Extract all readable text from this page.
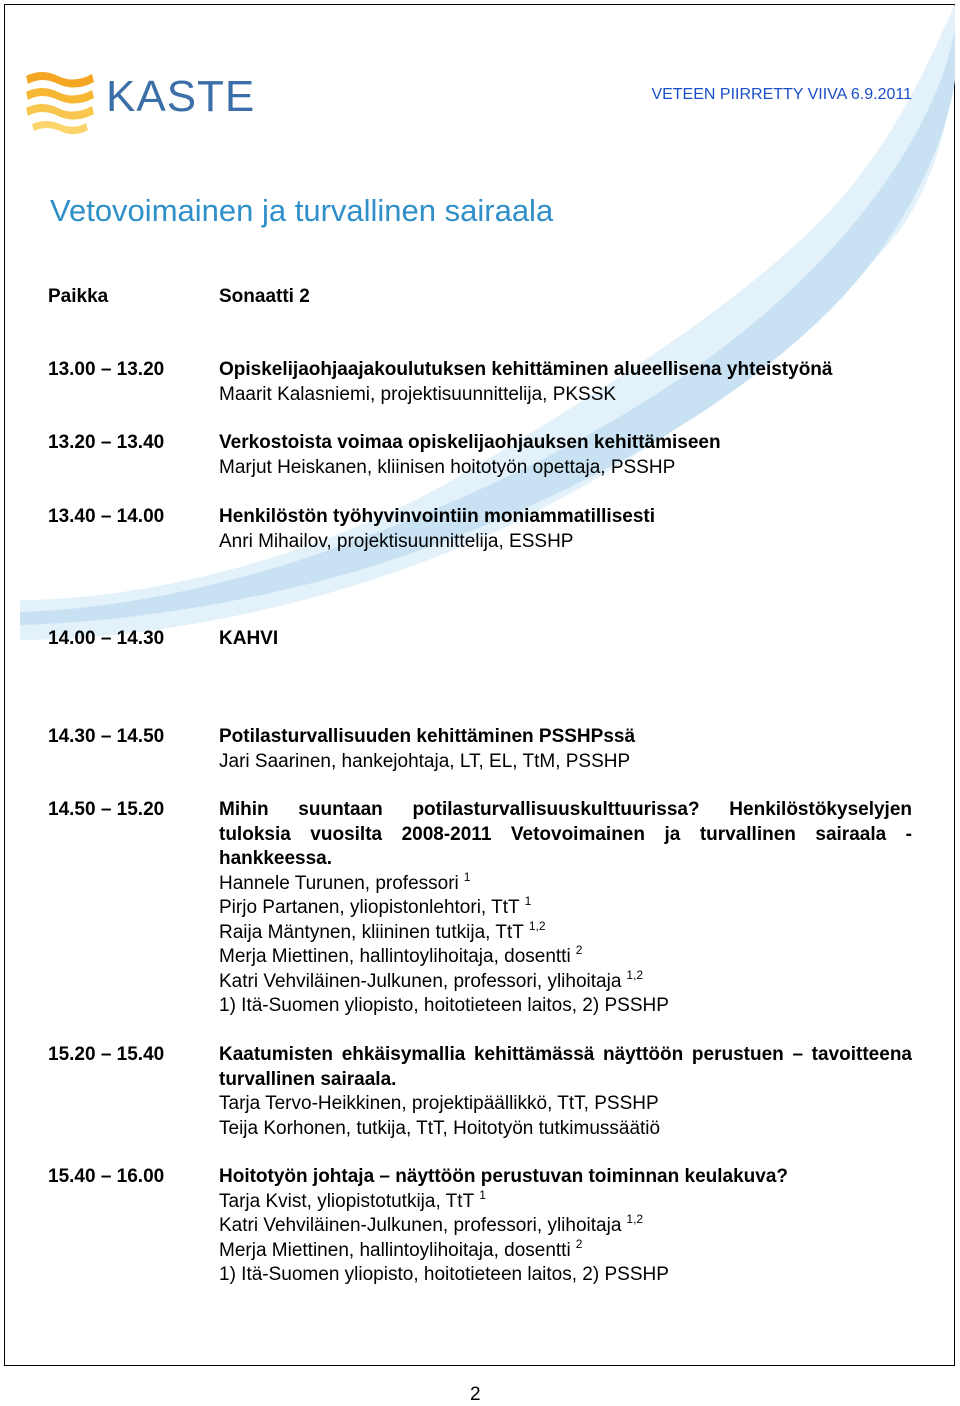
KASTE	VETEEN PIIRRETTY VIIVA 6.9.2011
Vetovoimainen ja turvallinen sairaala
Paikka	Sonaatti 2
13.00 – 13.20	Opiskelijaohjaajakoulutuksen kehittäminen alueellisena yhteistyönä
Maarit Kalasniemi, projektisuunnittelija, PKSSK
13.20 – 13.40	Verkostoista voimaa opiskelijaohjauksen kehittämiseen
Marjut Heiskanen, kliinisen hoitotyön opettaja, PSSHP
13.40 – 14.00	Henkilöstön työhyvinvointiin moniammatillisesti
Anri Mihailov, projektisuunnittelija, ESSHP
14.00 – 14.30	KAHVI
14.30 – 14.50	Potilasturvallisuuden kehittäminen PSSHPssä
Jari Saarinen, hankejohtaja, LT, EL, TtM, PSSHP
14.50 – 15.20	Mihin suuntaan potilasturvallisuuskulttuurissa? Henkilöstökyselyjen tuloksia vuosilta 2008-2011 Vetovoimainen ja turvallinen sairaala -hankkeessa.
Hannele Turunen, professori $^1$
Pirjo Partanen, yliopistonlehtori, TtT $^1$
Raija Mäntynen, kliininen tutkija, TtT $^{1,2}$
Merja Miettinen, hallintoylihoitaja, dosentti $^2$
Katri Vehviläinen-Julkunen, professori, ylihoitaja $^{1,2}$
1) Itä-Suomen yliopisto, hoitotieteen laitos, 2) PSSHP
15.20 – 15.40	Kaatumisten ehkäisymallia kehittämässä näyttöön perustuen – tavoitteena turvallinen sairaala.
Tarja Tervo-Heikkinen, projektipäällikkö, TtT, PSSHP
Teija Korhonen, tutkija, TtT, Hoitotyön tutkimussäätiö
15.40 – 16.00	Hoitotyön johtaja – näyttöön perustuvan toiminnan keulakuva?
Tarja Kvist, yliopistotutkija, TtT $^1$
Katri Vehviläinen-Julkunen, professori, ylihoitaja $^{1,2}$
Merja Miettinen, hallintoylihoitaja, dosentti $^2$
1) Itä-Suomen yliopisto, hoitotieteen laitos, 2) PSSHP
2
